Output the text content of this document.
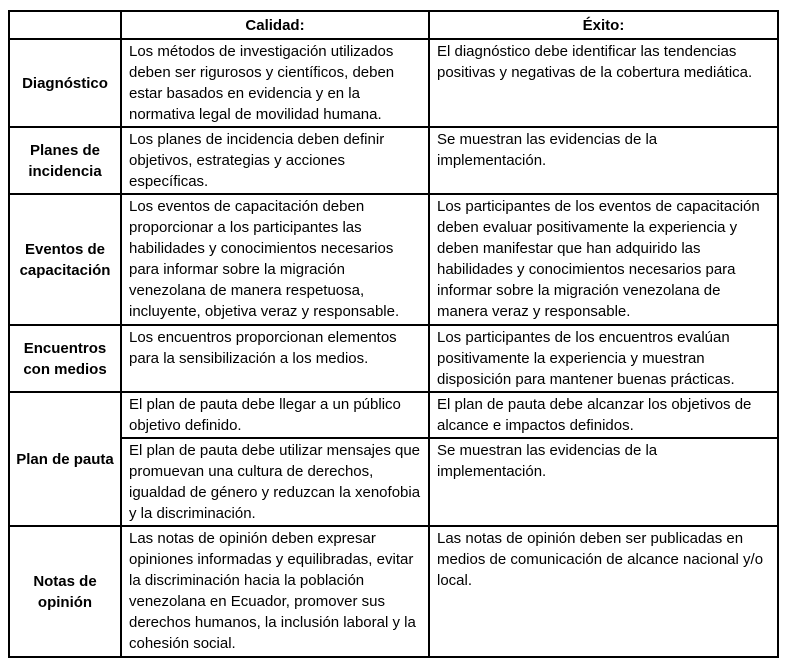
	Calidad:	Éxito:
Diagnóstico	Los métodos de investigación utilizados deben ser rigurosos y científicos, deben estar basados en evidencia y en la normativa legal de movilidad humana.	El diagnóstico debe identificar las tendencias positivas y negativas de la cobertura mediática.
Planes de incidencia	Los planes de incidencia deben definir objetivos, estrategias y acciones específicas.	Se muestran las evidencias de la implementación.
Eventos de capacitación	Los eventos de capacitación deben proporcionar a los participantes las habilidades y conocimientos necesarios para informar sobre la migración venezolana de manera respetuosa, incluyente, objetiva veraz y responsable.	Los participantes de los eventos de capacitación deben evaluar positivamente la experiencia y deben manifestar que han adquirido las habilidades y conocimientos necesarios para informar sobre la migración venezolana de manera veraz y responsable.
Encuentros con medios	Los encuentros proporcionan elementos para la sensibilización a los medios.	Los participantes de los encuentros evalúan positivamente la experiencia y muestran disposición para mantener buenas prácticas.
Plan de pauta	El plan de pauta debe llegar a un público objetivo definido.	El plan de pauta debe alcanzar los objetivos de alcance e impactos definidos.
	El plan de pauta debe utilizar mensajes que promuevan una cultura de derechos, igualdad de género y reduzcan la xenofobia y la discriminación.	Se muestran las evidencias de la implementación.
Notas de opinión	Las notas de opinión deben expresar opiniones informadas y equilibradas, evitar la discriminación hacia la población venezolana en Ecuador, promover sus derechos humanos, la inclusión laboral y la cohesión social.	Las notas de opinión deben ser publicadas en medios de comunicación de alcance nacional y/o local.
